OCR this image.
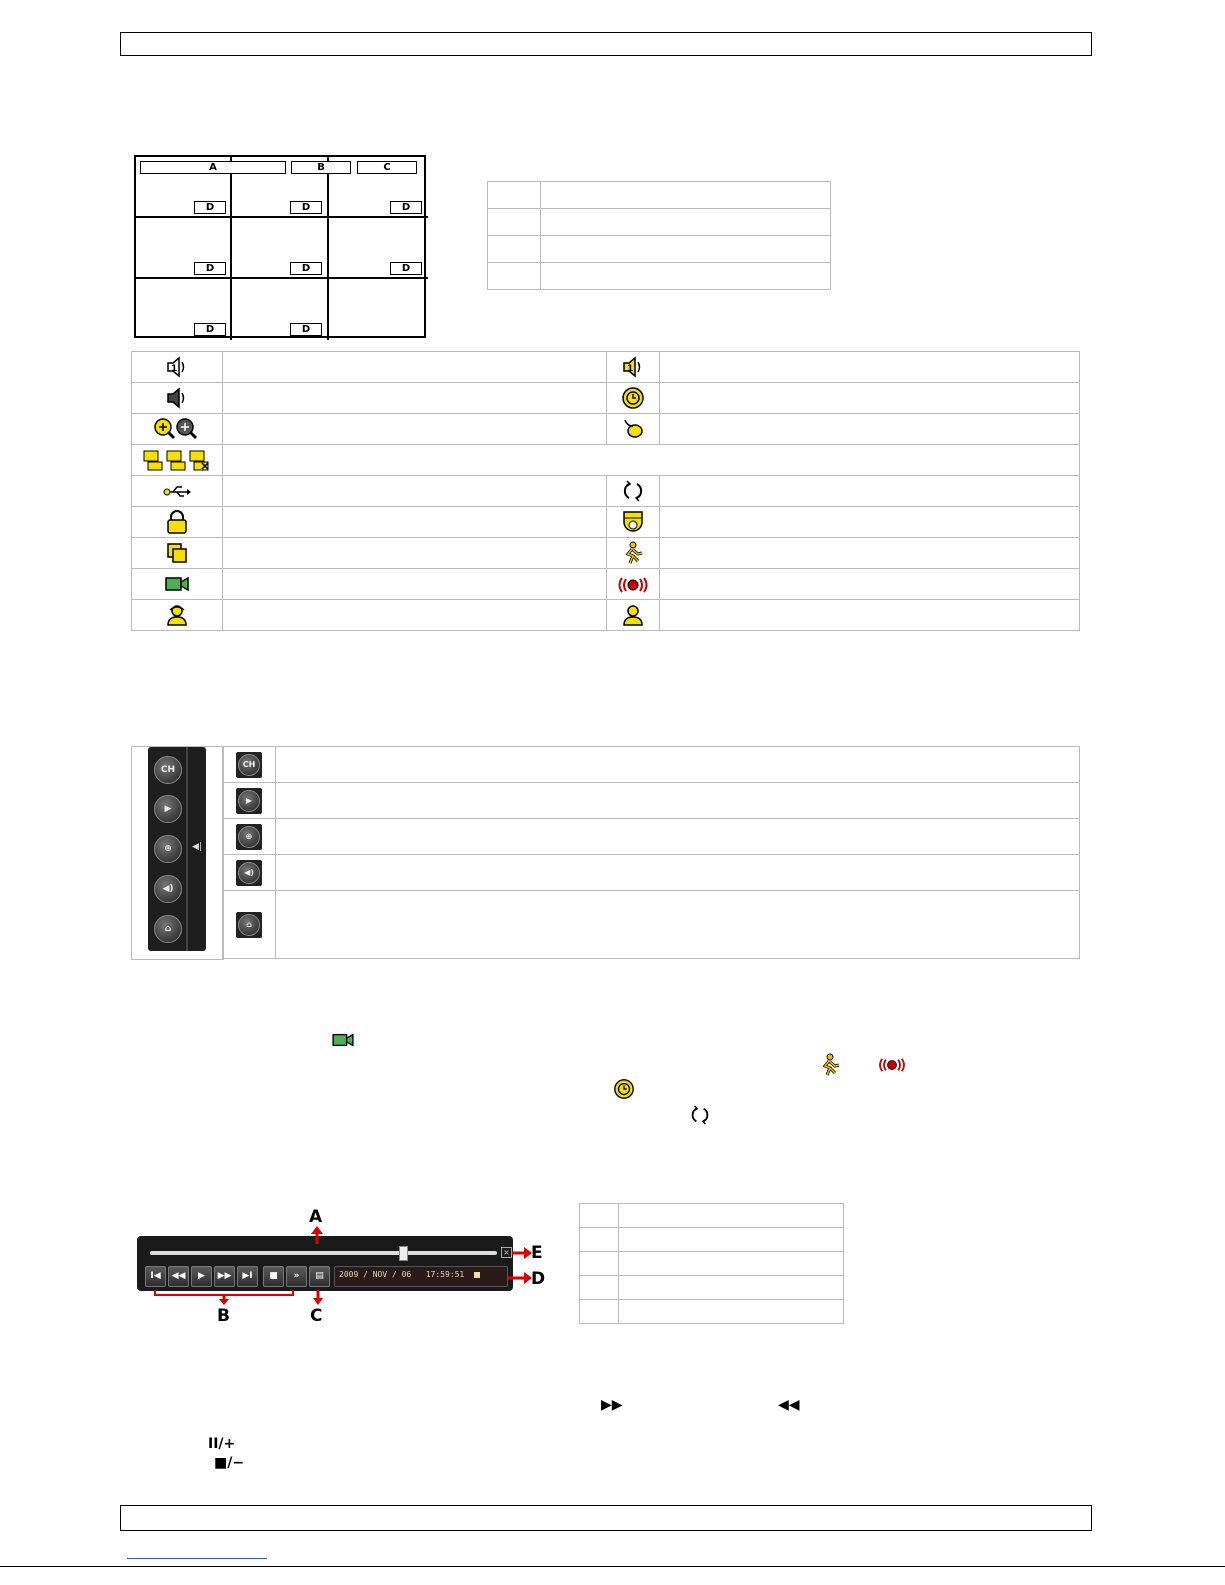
A	B	C
D	D	D
D	D	D
D	D

1		1	

CH
▶
⊕
◀)
⌂
◀|
CH	

▶	

⊕	

◀)	

⌂	

×
I◀	◀◀	▶	▶▶	▶I	■	»	▤	2009 / NOV / 06   17:59:51
A
B	C
D
E

▶▶	◀◀
II/+
■/−
